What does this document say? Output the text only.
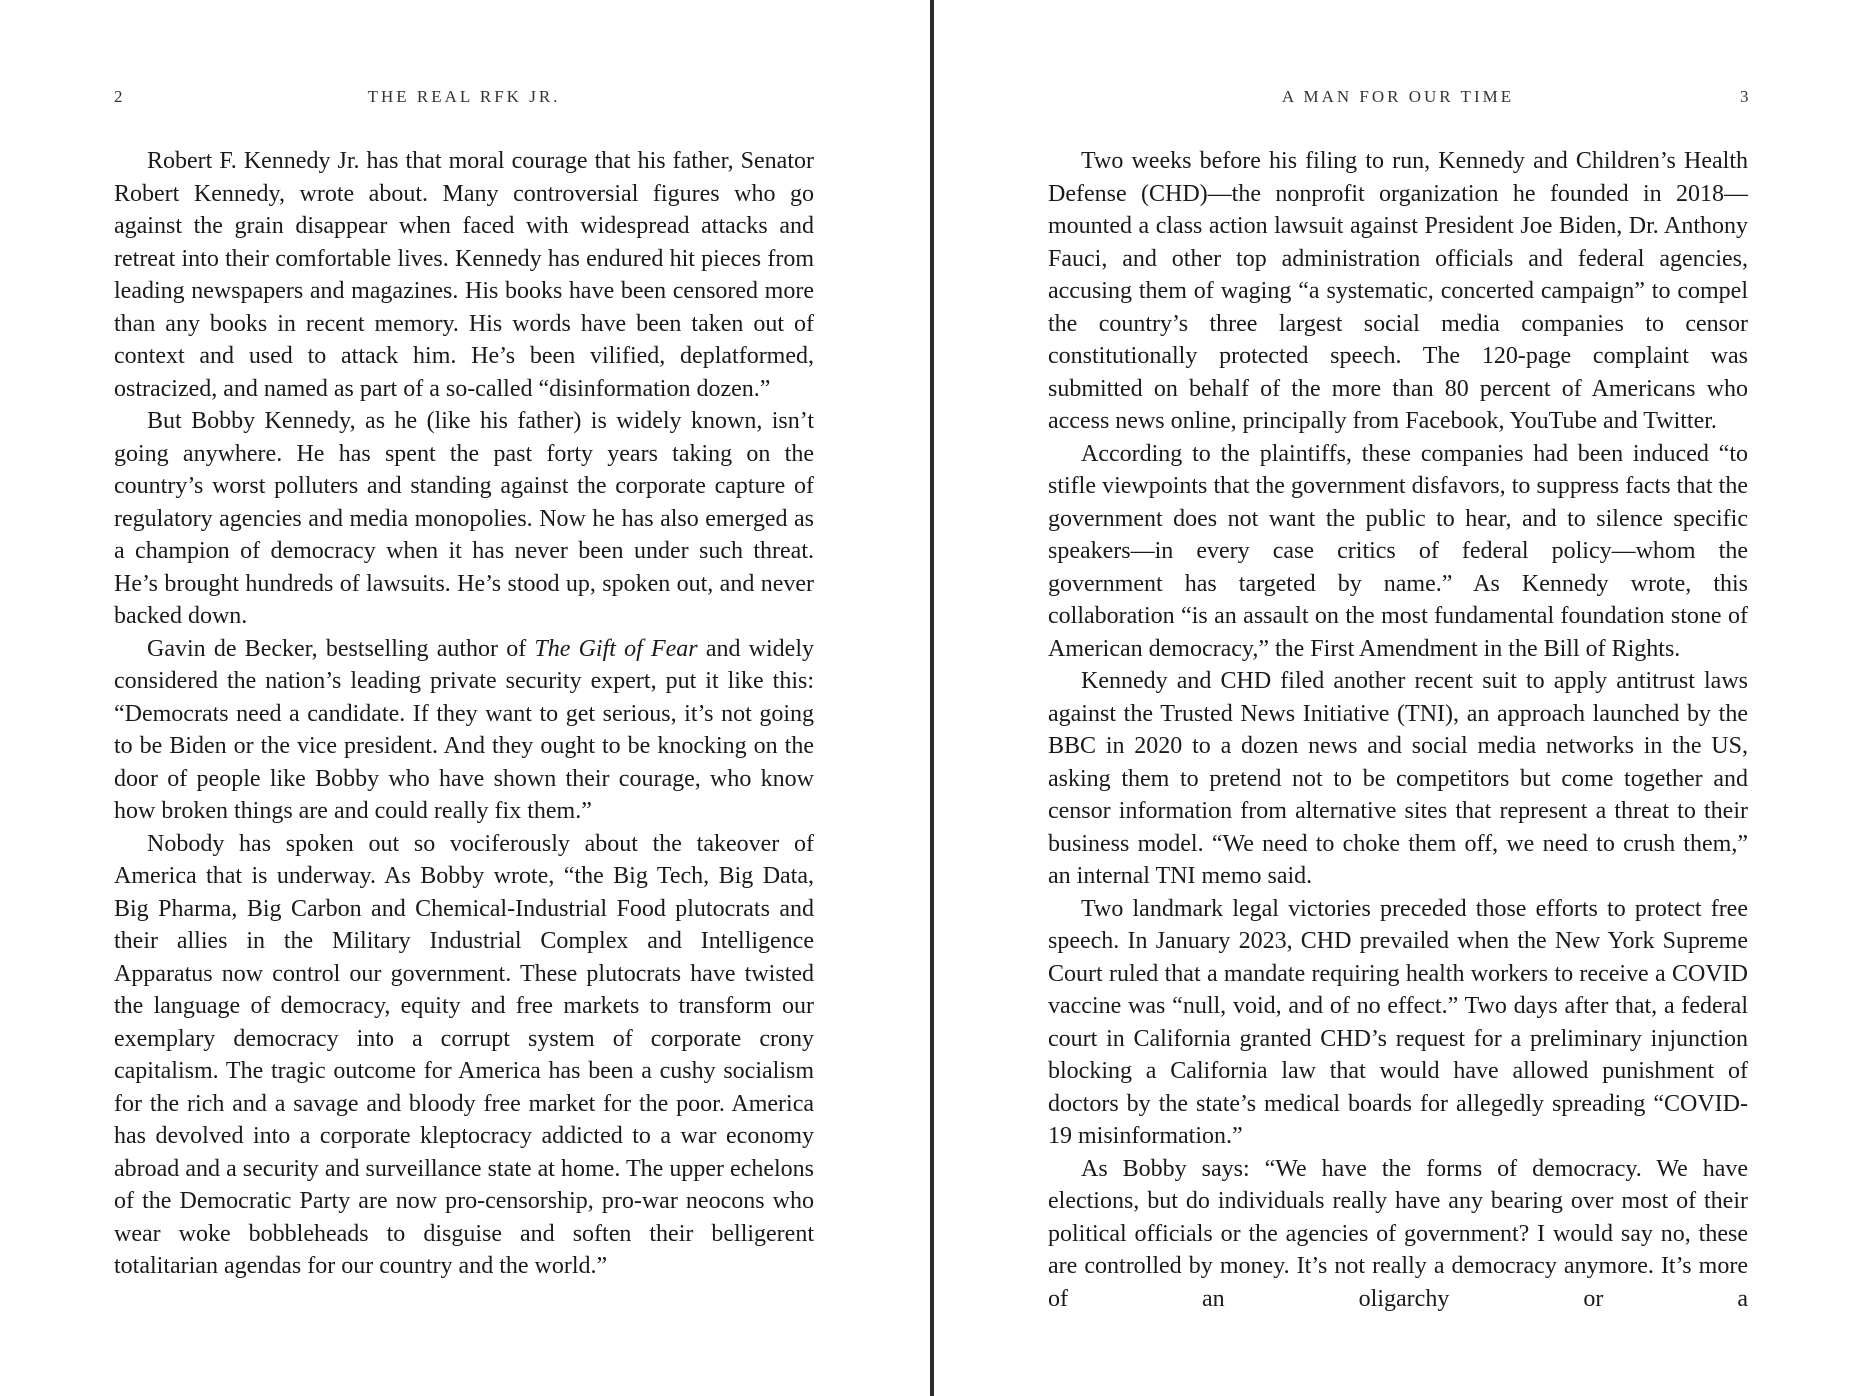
2	THE REAL RFK JR.

Robert F. Kennedy Jr. has that moral courage that his father, Senator Robert Kennedy, wrote about. Many controversial figures who go against the grain disappear when faced with widespread attacks and retreat into their comfortable lives. Kennedy has endured hit pieces from leading newspapers and magazines. His books have been censored more than any books in recent memory. His words have been taken out of context and used to attack him. He’s been vilified, deplatformed, ostracized, and named as part of a so-called “disinformation dozen.”

But Bobby Kennedy, as he (like his father) is widely known, isn’t going anywhere. He has spent the past forty years taking on the country’s worst polluters and standing against the corporate capture of regulatory agencies and media monopolies. Now he has also emerged as a champion of democracy when it has never been under such threat. He’s brought hundreds of lawsuits. He’s stood up, spoken out, and never backed down.

Gavin de Becker, bestselling author of The Gift of Fear and widely considered the nation’s leading private security expert, put it like this: “Democrats need a candidate. If they want to get serious, it’s not going to be Biden or the vice president. And they ought to be knocking on the door of people like Bobby who have shown their courage, who know how broken things are and could really fix them.”

Nobody has spoken out so vociferously about the takeover of America that is underway. As Bobby wrote, “the Big Tech, Big Data, Big Pharma, Big Carbon and Chemical-Industrial Food plutocrats and their allies in the Military Industrial Complex and Intelligence Apparatus now control our government. These plutocrats have twisted the language of democracy, equity and free markets to transform our exemplary democracy into a corrupt system of corporate crony capitalism. The tragic outcome for America has been a cushy socialism for the rich and a savage and bloody free market for the poor. America has devolved into a corporate kleptocracy addicted to a war economy abroad and a security and surveillance state at home. The upper echelons of the Democratic Party are now pro-censorship, pro-war neocons who wear woke bobbleheads to disguise and soften their belligerent totalitarian agendas for our country and the world.”

A MAN FOR OUR TIME	3

Two weeks before his filing to run, Kennedy and Children’s Health Defense (CHD)—the nonprofit organization he founded in 2018—mounted a class action lawsuit against President Joe Biden, Dr. Anthony Fauci, and other top administration officials and federal agencies, accusing them of waging “a systematic, concerted campaign” to compel the country’s three largest social media companies to censor constitutionally protected speech. The 120-page complaint was submitted on behalf of the more than 80 percent of Americans who access news online, principally from Facebook, YouTube and Twitter.

According to the plaintiffs, these companies had been induced “to stifle viewpoints that the government disfavors, to suppress facts that the government does not want the public to hear, and to silence specific speakers—in every case critics of federal policy—whom the government has targeted by name.” As Kennedy wrote, this collaboration “is an assault on the most fundamental foundation stone of American democracy,” the First Amendment in the Bill of Rights.

Kennedy and CHD filed another recent suit to apply antitrust laws against the Trusted News Initiative (TNI), an approach launched by the BBC in 2020 to a dozen news and social media networks in the US, asking them to pretend not to be competitors but come together and censor information from alternative sites that represent a threat to their business model. “We need to choke them off, we need to crush them,” an internal TNI memo said.

Two landmark legal victories preceded those efforts to protect free speech. In January 2023, CHD prevailed when the New York Supreme Court ruled that a mandate requiring health workers to receive a COVID vaccine was “null, void, and of no effect.” Two days after that, a federal court in California granted CHD’s request for a preliminary injunction blocking a California law that would have allowed punishment of doctors by the state’s medical boards for allegedly spreading “COVID-19 misinformation.”

As Bobby says: “We have the forms of democracy. We have elections, but do individuals really have any bearing over most of their political officials or the agencies of government? I would say no, these are controlled by money. It’s not really a democracy anymore. It’s more of an oligarchy or a
